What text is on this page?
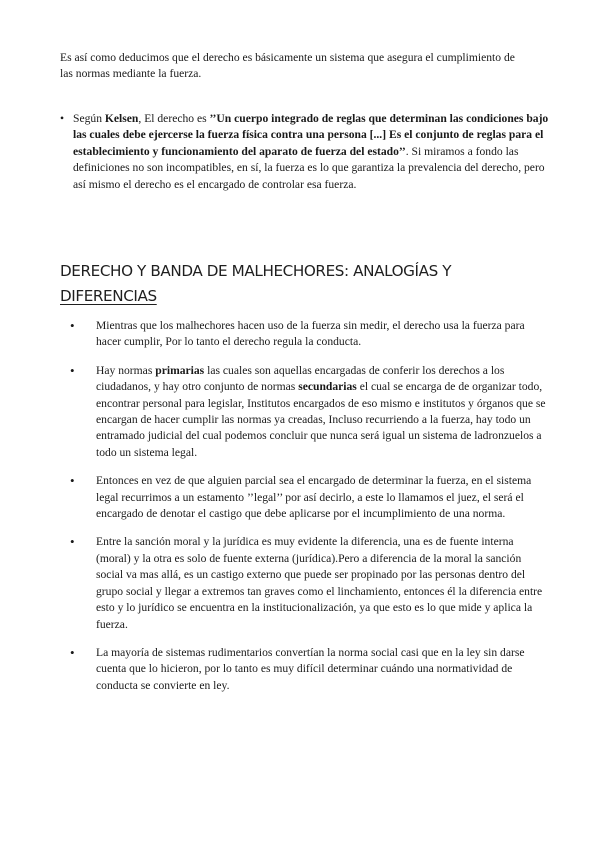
Es así como deducimos que el derecho es básicamente un sistema que asegura el cumplimiento de las normas mediante la fuerza.

• Según Kelsen, El derecho es ’’Un cuerpo integrado de reglas que determinan las condiciones bajo las cuales debe ejercerse la fuerza física contra una persona [...] Es el conjunto de reglas para el establecimiento y funcionamiento del aparato de fuerza del estado’’. Si miramos a fondo las definiciones no son incompatibles, en sí, la fuerza es lo que garantiza la prevalencia del derecho, pero así mismo el derecho es el encargado de controlar esa fuerza.
DERECHO Y BANDA DE MALHECHORES: ANALOGÍAS Y
DIFERENCIAS
• Mientras que los malhechores hacen uso de la fuerza sin medir, el derecho usa la fuerza para hacer cumplir, Por lo tanto el derecho regula la conducta.
• Hay normas primarias las cuales son aquellas encargadas de conferir los derechos a los ciudadanos, y hay otro conjunto de normas secundarias el cual se encarga de de organizar todo, encontrar personal para legislar, Institutos encargados de eso mismo e institutos y órganos que se encargan de hacer cumplir las normas ya creadas, Incluso recurriendo a la fuerza, hay todo un entramado judicial del cual podemos concluir que nunca será igual un sistema de ladronzuelos a todo un sistema legal.
• Entonces en vez de que alguien parcial sea el encargado de determinar la fuerza, en el sistema legal recurrimos a un estamento ’’legal’’ por así decirlo, a este lo llamamos el juez, el será el encargado de denotar el castigo que debe aplicarse por el incumplimiento de una norma.
• Entre la sanción moral y la jurídica es muy evidente la diferencia, una es de fuente interna (moral) y la otra es solo de fuente externa (jurídica).Pero a diferencia de la moral la sanción social va mas allá, es un castigo externo que puede ser propinado por las personas dentro del grupo social y llegar a extremos tan graves como el linchamiento, entonces él la diferencia entre esto y lo jurídico se encuentra en la institucionalización, ya que esto es lo que mide y aplica la fuerza.
• La mayoría de sistemas rudimentarios convertían la norma social casi que en la ley sin darse cuenta que lo hicieron, por lo tanto es muy difícil determinar cuándo una normatividad de conducta se convierte en ley.
